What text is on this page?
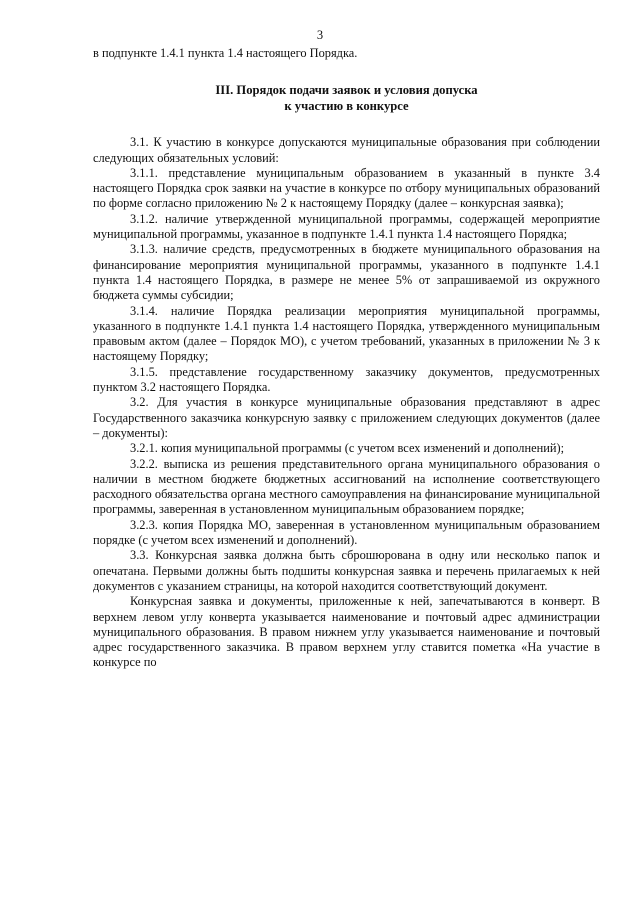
3

в подпункте 1.4.1 пункта 1.4 настоящего Порядка.

III. Порядок подачи заявок и условия допуска
к участию в конкурсе

3.1. К участию в конкурсе допускаются муниципальные образования при соблюдении следующих обязательных условий:

3.1.1. представление муниципальным образованием в указанный в пункте 3.4 настоящего Порядка срок заявки на участие в конкурсе по отбору муниципальных образований по форме согласно приложению № 2 к настоящему Порядку (далее – конкурсная заявка);

3.1.2. наличие утвержденной муниципальной программы, содержащей мероприятие муниципальной программы, указанное в подпункте 1.4.1 пункта 1.4 настоящего Порядка;

3.1.3. наличие средств, предусмотренных в бюджете муниципального образования на финансирование мероприятия муниципальной программы, указанного в подпункте 1.4.1 пункта 1.4 настоящего Порядка, в размере не менее 5% от запрашиваемой из окружного бюджета суммы субсидии;

3.1.4. наличие Порядка реализации мероприятия муниципальной программы, указанного в подпункте 1.4.1 пункта 1.4 настоящего Порядка, утвержденного муниципальным правовым актом (далее – Порядок МО), с учетом требований, указанных в приложении № 3 к настоящему Порядку;

3.1.5. представление государственному заказчику документов, предусмотренных пунктом 3.2 настоящего Порядка.

3.2. Для участия в конкурсе муниципальные образования представляют в адрес Государственного заказчика конкурсную заявку с приложением следующих документов (далее – документы):

3.2.1. копия муниципальной программы (с учетом всех изменений и дополнений);

3.2.2. выписка из решения представительного органа муниципального образования о наличии в местном бюджете бюджетных ассигнований на исполнение соответствующего расходного обязательства органа местного самоуправления на финансирование муниципальной программы, заверенная в установленном муниципальным образованием порядке;

3.2.3. копия Порядка МО, заверенная в установленном муниципальным образованием порядке (с учетом всех изменений и дополнений).

3.3. Конкурсная заявка должна быть сброшюрована в одну или несколько папок и опечатана. Первыми должны быть подшиты конкурсная заявка и перечень прилагаемых к ней документов с указанием страницы, на которой находится соответствующий документ.

Конкурсная заявка и документы, приложенные к ней, запечатываются в конверт. В верхнем левом углу конверта указывается наименование и почтовый адрес администрации муниципального образования. В правом нижнем углу указывается наименование и почтовый адрес государственного заказчика. В правом верхнем углу ставится пометка «На участие в конкурсе по
